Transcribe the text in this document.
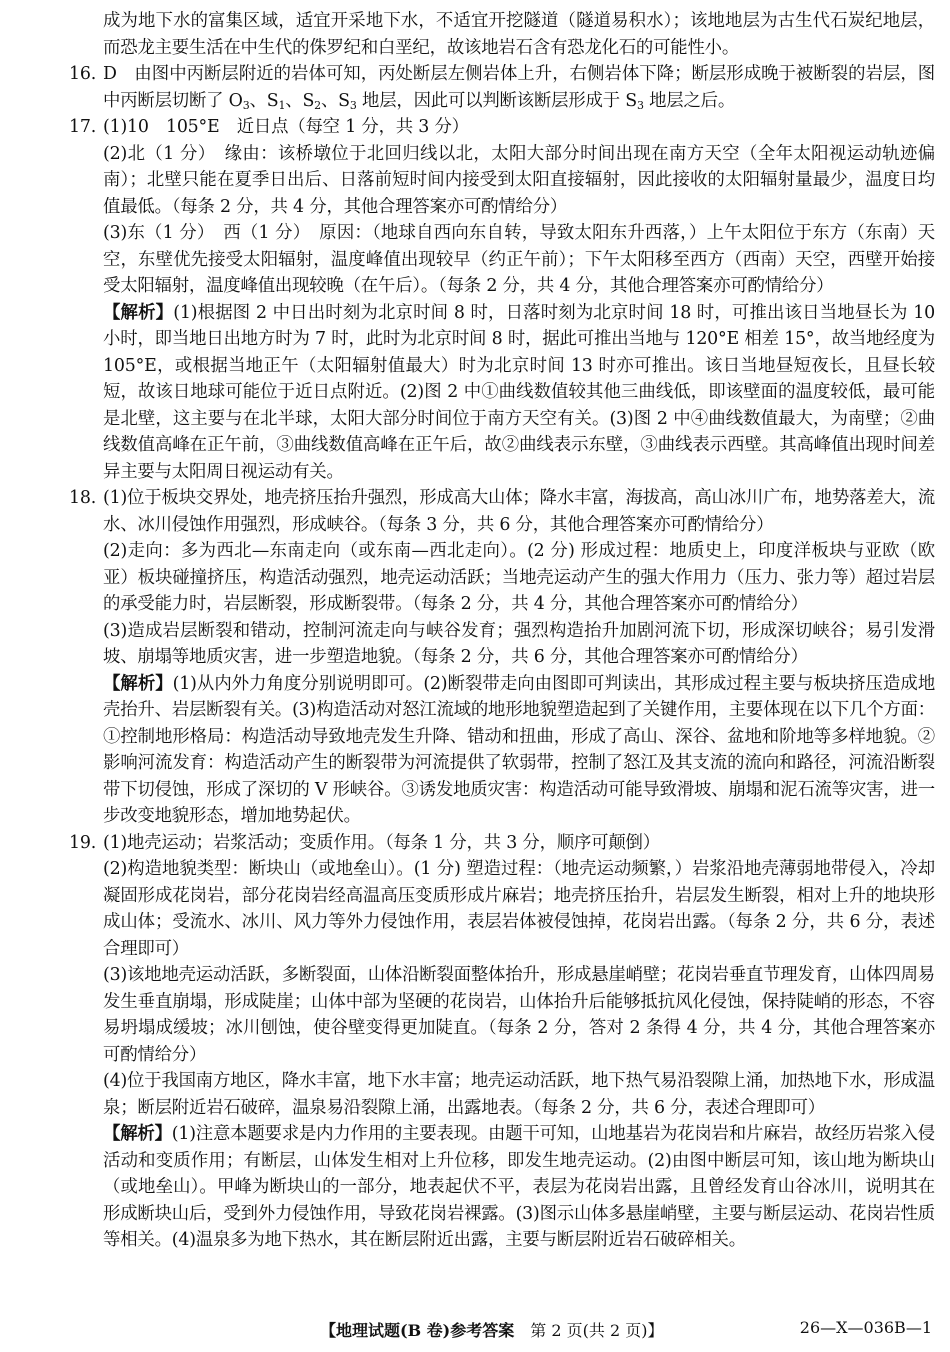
成为地下水的富集区域，适宜开采地下水，不适宜开挖隧道（隧道易积水）；该地地层为古生代石炭纪地层，而恐龙主要生活在中生代的侏罗纪和白垩纪，故该地岩石含有恐龙化石的可能性小。

16. D　由图中丙断层附近的岩体可知，丙处断层左侧岩体上升，右侧岩体下降；断层形成晚于被断裂的岩层，图中丙断层切断了 $O_3$、$S_1$、$S_2$、$S_3$ 地层，因此可以判断该断层形成于 $S_3$ 地层之后。

17. (1)10　105°E　近日点（每空 1 分，共 3 分）

(2)北（1 分）　缘由：该桥墩位于北回归线以北，太阳大部分时间出现在南方天空（全年太阳视运动轨迹偏南）；北壁只能在夏季日出后、日落前短时间内接受到太阳直接辐射，因此接收的太阳辐射量最少，温度日均值最低。（每条 2 分，共 4 分，其他合理答案亦可酌情给分）

(3)东（1 分）　西（1 分）　原因：（地球自西向东自转，导致太阳东升西落，）上午太阳位于东方（东南）天空，东壁优先接受太阳辐射，温度峰值出现较早（约正午前）；下午太阳移至西方（西南）天空，西壁开始接受太阳辐射，温度峰值出现较晚（在午后）。（每条 2 分，共 4 分，其他合理答案亦可酌情给分）

【解析】(1)根据图 2 中日出时刻为北京时间 8 时，日落时刻为北京时间 18 时，可推出该日当地昼长为 10 小时，即当地日出地方时为 7 时，此时为北京时间 8 时，据此可推出当地与 120°E 相差 15°，故当地经度为 105°E，或根据当地正午（太阳辐射值最大）时为北京时间 13 时亦可推出。该日当地昼短夜长，且昼长较短，故该日地球可能位于近日点附近。(2)图 2 中①曲线数值较其他三曲线低，即该壁面的温度较低，最可能是北壁，这主要与在北半球，太阳大部分时间位于南方天空有关。(3)图 2 中④曲线数值最大，为南壁；②曲线数值高峰在正午前，③曲线数值高峰在正午后，故②曲线表示东壁，③曲线表示西壁。其高峰值出现时间差异主要与太阳周日视运动有关。

18. (1)位于板块交界处，地壳挤压抬升强烈，形成高大山体；降水丰富，海拔高，高山冰川广布，地势落差大，流水、冰川侵蚀作用强烈，形成峡谷。（每条 3 分，共 6 分，其他合理答案亦可酌情给分）

(2)走向：多为西北—东南走向（或东南—西北走向）。(2 分) 形成过程：地质史上，印度洋板块与亚欧（欧亚）板块碰撞挤压，构造活动强烈，地壳运动活跃；当地壳运动产生的强大作用力（压力、张力等）超过岩层的承受能力时，岩层断裂，形成断裂带。（每条 2 分，共 4 分，其他合理答案亦可酌情给分）

(3)造成岩层断裂和错动，控制河流走向与峡谷发育；强烈构造抬升加剧河流下切，形成深切峡谷；易引发滑坡、崩塌等地质灾害，进一步塑造地貌。（每条 2 分，共 6 分，其他合理答案亦可酌情给分）

【解析】(1)从内外力角度分别说明即可。(2)断裂带走向由图即可判读出，其形成过程主要与板块挤压造成地壳抬升、岩层断裂有关。(3)构造活动对怒江流域的地形地貌塑造起到了关键作用，主要体现在以下几个方面：①控制地形格局：构造活动导致地壳发生升降、错动和扭曲，形成了高山、深谷、盆地和阶地等多样地貌。②影响河流发育：构造活动产生的断裂带为河流提供了软弱带，控制了怒江及其支流的流向和路径，河流沿断裂带下切侵蚀，形成了深切的 V 形峡谷。③诱发地质灾害：构造活动可能导致滑坡、崩塌和泥石流等灾害，进一步改变地貌形态，增加地势起伏。

19. (1)地壳运动；岩浆活动；变质作用。（每条 1 分，共 3 分，顺序可颠倒）

(2)构造地貌类型：断块山（或地垒山）。(1 分) 塑造过程：（地壳运动频繁，）岩浆沿地壳薄弱地带侵入，冷却凝固形成花岗岩，部分花岗岩经高温高压变质形成片麻岩；地壳挤压抬升，岩层发生断裂，相对上升的地块形成山体；受流水、冰川、风力等外力侵蚀作用，表层岩体被侵蚀掉，花岗岩出露。（每条 2 分，共 6 分，表述合理即可）

(3)该地地壳运动活跃，多断裂面，山体沿断裂面整体抬升，形成悬崖峭壁；花岗岩垂直节理发育，山体四周易发生垂直崩塌，形成陡崖；山体中部为坚硬的花岗岩，山体抬升后能够抵抗风化侵蚀，保持陡峭的形态，不容易坍塌成缓坡；冰川刨蚀，使谷壁变得更加陡直。（每条 2 分，答对 2 条得 4 分，共 4 分，其他合理答案亦可酌情给分）

(4)位于我国南方地区，降水丰富，地下水丰富；地壳运动活跃，地下热气易沿裂隙上涌，加热地下水，形成温泉；断层附近岩石破碎，温泉易沿裂隙上涌，出露地表。（每条 2 分，共 6 分，表述合理即可）

【解析】(1)注意本题要求是内力作用的主要表现。由题干可知，山地基岩为花岗岩和片麻岩，故经历岩浆入侵活动和变质作用；有断层，山体发生相对上升位移，即发生地壳运动。(2)由图中断层可知，该山地为断块山（或地垒山）。甲峰为断块山的一部分，地表起伏不平，表层为花岗岩出露，且曾经发育山谷冰川，说明其在形成断块山后，受到外力侵蚀作用，导致花岗岩裸露。(3)图示山体多悬崖峭壁，主要与断层运动、花岗岩性质等相关。(4)温泉多为地下热水，其在断层附近出露，主要与断层附近岩石破碎相关。

【地理试题(B 卷)参考答案　 第 2 页(共 2 页)】	26—X—036B—1
